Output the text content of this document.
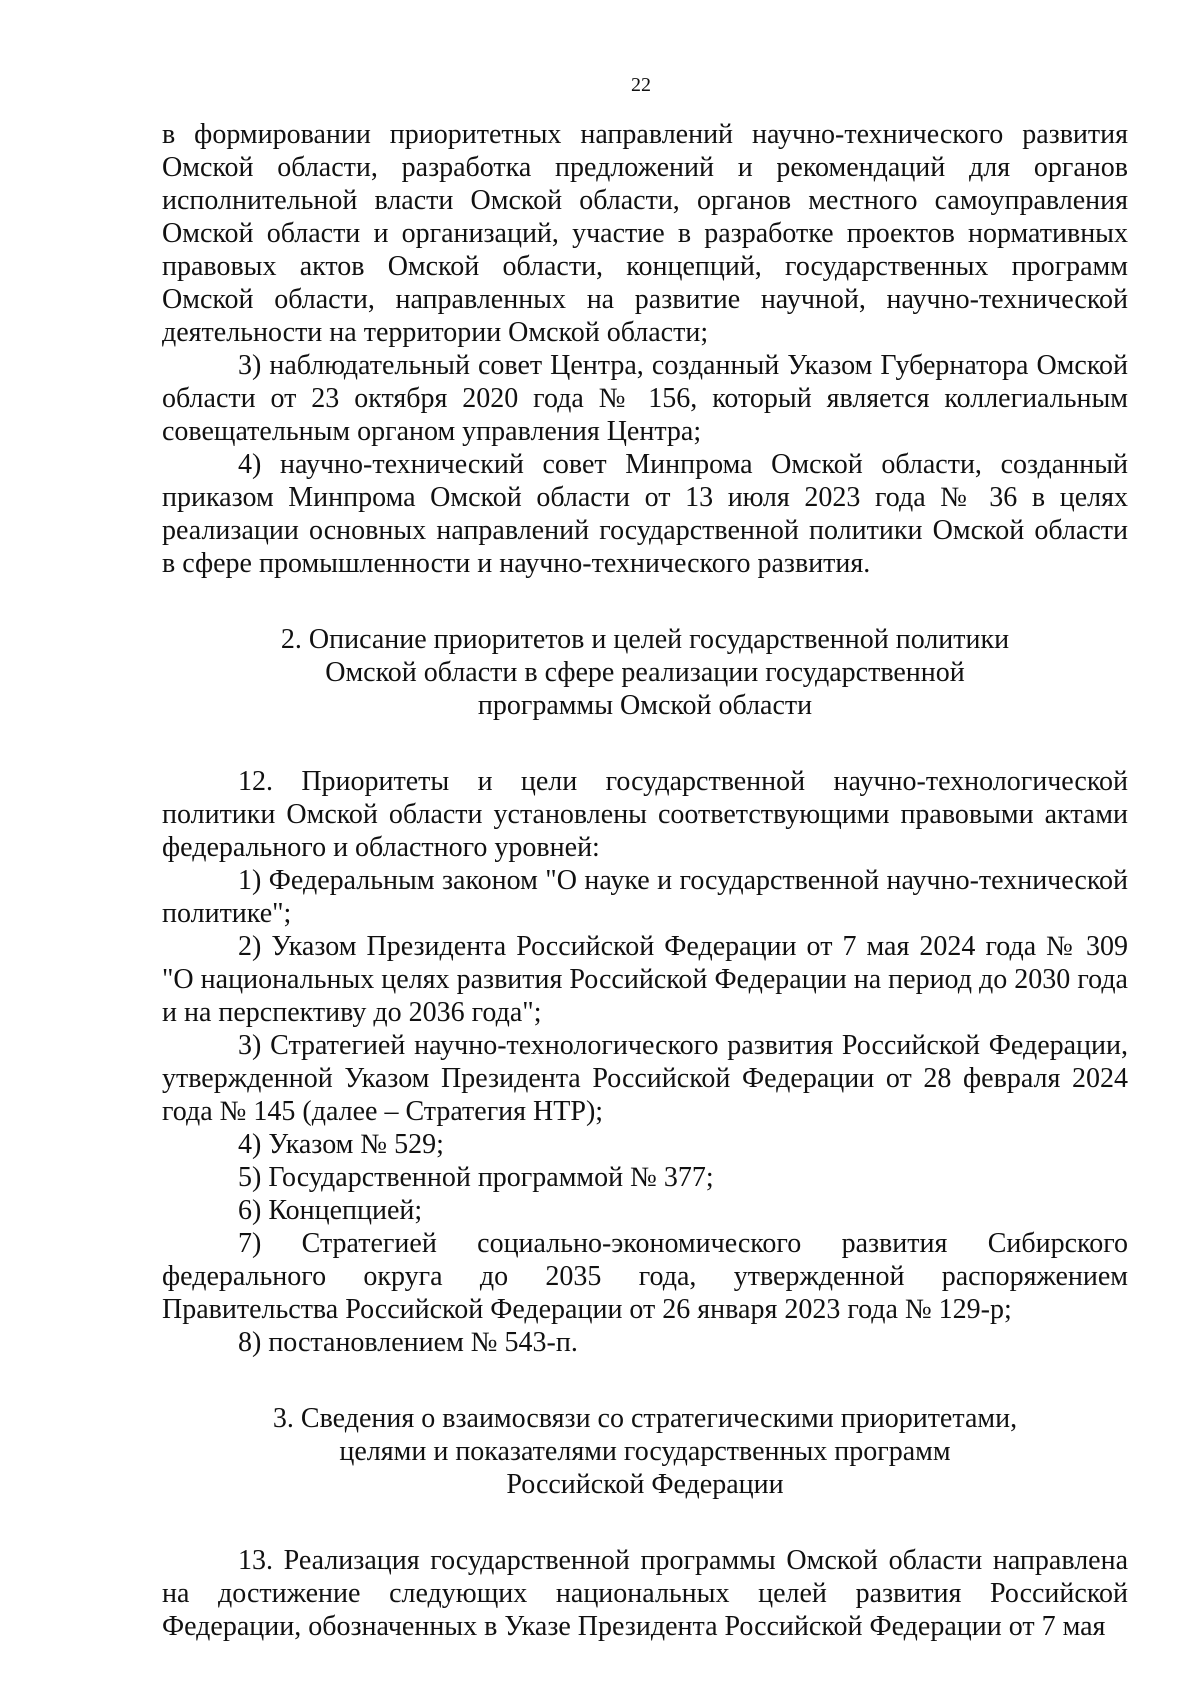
22

в формировании приоритетных направлений научно-технического развития Омской области, разработка предложений и рекомендаций для органов исполнительной власти Омской области, органов местного самоуправления Омской области и организаций, участие в разработке проектов нормативных правовых актов Омской области, концепций, государственных программ Омской области, направленных на развитие научной, научно-технической деятельности на территории Омской области;

3) наблюдательный совет Центра, созданный Указом Губернатора Омской области от 23 октября 2020 года № 156, который является коллегиальным совещательным органом управления Центра;

4) научно-технический совет Минпрома Омской области, созданный приказом Минпрома Омской области от 13 июля 2023 года № 36 в целях реализации основных направлений государственной политики Омской области в сфере промышленности и научно-технического развития.

2. Описание приоритетов и целей государственной политики
Омской области в сфере реализации государственной
программы Омской области

12. Приоритеты и цели государственной научно-технологической политики Омской области установлены соответствующими правовыми актами федерального и областного уровней:

1) Федеральным законом "О науке и государственной научно-технической политике";

2) Указом Президента Российской Федерации от 7 мая 2024 года № 309 "О национальных целях развития Российской Федерации на период до 2030 года и на перспективу до 2036 года";

3) Стратегией научно-технологического развития Российской Федерации, утвержденной Указом Президента Российской Федерации от 28 февраля 2024 года № 145 (далее – Стратегия НТР);

4) Указом № 529;

5) Государственной программой № 377;

6) Концепцией;

7) Стратегией социально-экономического развития Сибирского федерального округа до 2035 года, утвержденной распоряжением Правительства Российской Федерации от 26 января 2023 года № 129-р;

8) постановлением № 543-п.

3. Сведения о взаимосвязи со стратегическими приоритетами,
целями и показателями государственных программ
Российской Федерации

13. Реализация государственной программы Омской области направлена на достижение следующих национальных целей развития Российской Федерации, обозначенных в Указе Президента Российской Федерации от 7 мая
